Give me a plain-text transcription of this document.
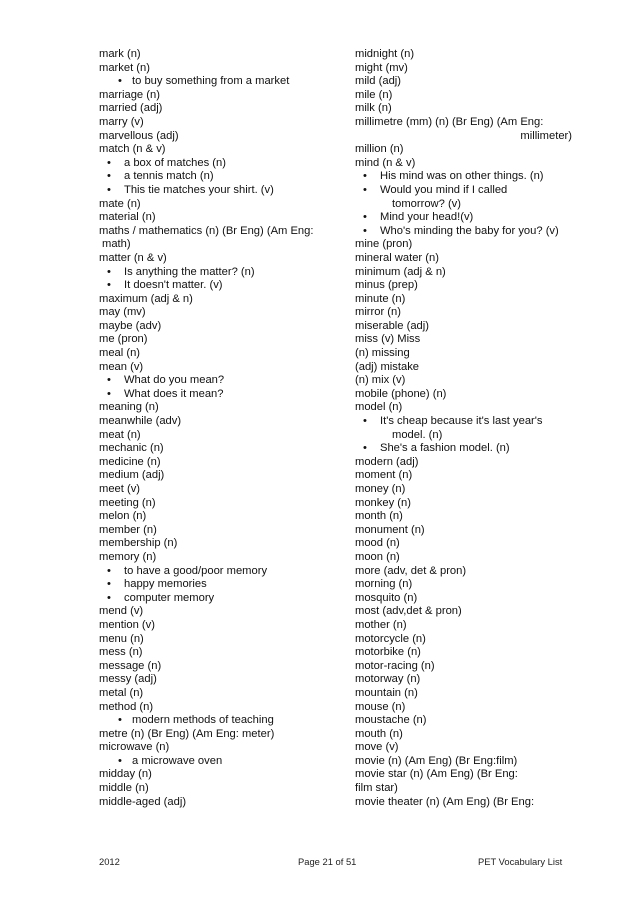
mark (n)
market (n)
• to buy something from a market
marriage (n)
married (adj)
marry (v)
marvellous (adj)
match (n & v)
• a box of matches (n)
• a tennis match (n)
• This tie matches your shirt. (v)
mate (n)
material (n)
maths / mathematics (n) (Br Eng) (Am Eng:
math)
matter (n & v)
• Is anything the matter? (n)
• It doesn't matter. (v)
maximum (adj & n)
may (mv)
maybe (adv)
me (pron)
meal (n)
mean (v)
• What do you mean?
• What does it mean?
meaning (n)
meanwhile (adv)
meat (n)
mechanic (n)
medicine (n)
medium (adj)
meet (v)
meeting (n)
melon (n)
member (n)
membership (n)
memory (n)
• to have a good/poor memory
• happy memories
• computer memory
mend (v)
mention (v)
menu (n)
mess (n)
message (n)
messy (adj)
metal (n)
method (n)
• modern methods of teaching
metre (n) (Br Eng) (Am Eng: meter)
microwave (n)
• a microwave oven
midday (n)
middle (n)
middle-aged (adj)
midnight (n)
might (mv)
mild (adj)
mile (n)
milk (n)
millimetre (mm) (n) (Br Eng) (Am Eng:
millimeter)
million (n)
mind (n & v)
• His mind was on other things. (n)
• Would you mind if I called
tomorrow? (v)
• Mind your head!(v)
• Who's minding the baby for you? (v)
mine (pron)
mineral water (n)
minimum (adj & n)
minus (prep)
minute (n)
mirror (n)
miserable (adj)
miss (v) Miss
(n) missing
(adj) mistake
(n) mix (v)
mobile (phone) (n)
model (n)
• It's cheap because it's last year's
model. (n)
• She's a fashion model. (n)
modern (adj)
moment (n)
money (n)
monkey (n)
month (n)
monument (n)
mood (n)
moon (n)
more (adv, det & pron)
morning (n)
mosquito (n)
most (adv,det & pron)
mother (n)
motorcycle (n)
motorbike (n)
motor-racing (n)
motorway (n)
mountain (n)
mouse (n)
moustache (n)
mouth (n)
move (v)
movie (n) (Am Eng) (Br Eng:film)
movie star (n) (Am Eng) (Br Eng:
film star)
movie theater (n) (Am Eng) (Br Eng:
2012	Page 21 of 51	PET Vocabulary List
